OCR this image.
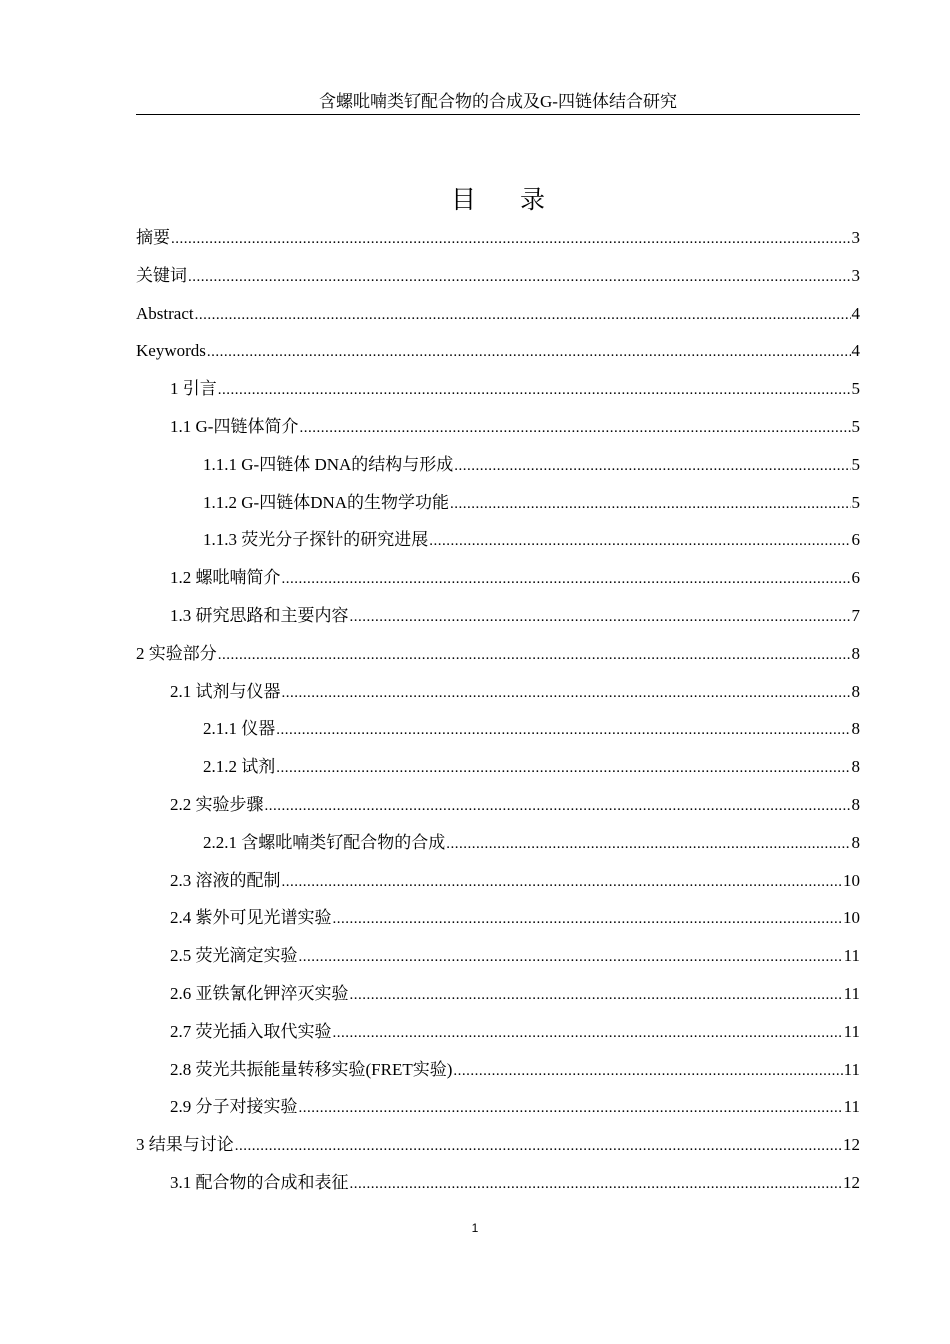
含螺吡喃类钌配合物的合成及G-四链体结合研究
目录
摘要 .....	3
关键词 .....	3
Abstract .....	4
Keywords .....	4
1 引言 .....	5
1.1 G-四链体简介 .....	5
1.1.1 G-四链体 DNA的结构与形成 .....	5
1.1.2 G-四链体DNA的生物学功能 .....	5
1.1.3 荧光分子探针的研究进展 .....	6
1.2 螺吡喃简介 .....	6
1.3 研究思路和主要内容 .....	7
2 实验部分 .....	8
2.1 试剂与仪器 .....	8
2.1.1 仪器 .....	8
2.1.2 试剂 .....	8
2.2 实验步骤 .....	8
2.2.1 含螺吡喃类钌配合物的合成 .....	8
2.3 溶液的配制 .....	10
2.4 紫外可见光谱实验 .....	10
2.5 荧光滴定实验 .....	11
2.6 亚铁氰化钾淬灭实验 .....	11
2.7 荧光插入取代实验 .....	11
2.8 荧光共振能量转移实验(FRET实验) .....	11
2.9 分子对接实验 .....	11
3 结果与讨论 .....	12
3.1 配合物的合成和表征 .....	12
1
